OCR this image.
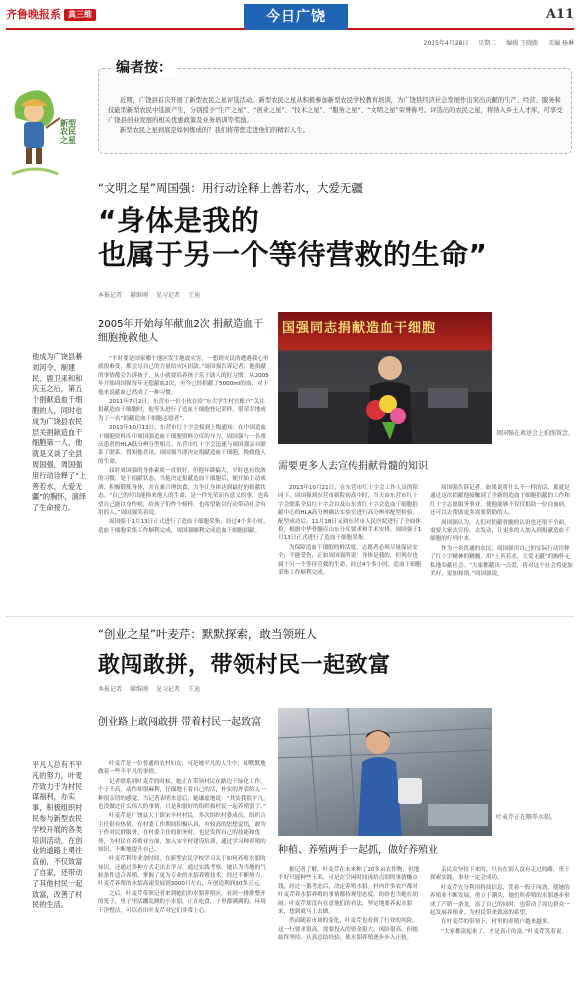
齐鲁晚报系 真三维	今日广饶	A11
2015年4月28日 星期二 编辑 王晓路 美编 杨琳
新型农民之星
编者按：

近期，广饶县首次开展了新型农民之星评选活动。新型农民之星从积极参加新型农民学校教育培训，为广饶县经济社会发展作出突出贡献的生产、经营、服务和技能型新型农民中选拔产生，分别授予“生产之星”、“创业之星”、“技术之星”、“服务之星”、“文明之星”荣誉称号。评选出的农民之星，将纳入乡土人才库，可享受广饶县创业发展的相关优惠政策及业务培训等奖励。

新型农民之星到底是如何炼成的？我们将带您走进他们的精彩人生。

“文明之星”周国强：用行动诠释上善若水，大爱无疆
“身体是我的
也属于另一个等待营救的生命”
本报记者 綦维刚 见习记者 王迪
2005年开始每年献血2次 捐献造血干细胞挽救他人

“平时要是国家哪个地区发生地震灾害，一想到灾民的遭遇我心里就很难受，都会尽自己的力量给灾区捐款。”周国强告诉记者，他捐献的事情都会告诉孩子，从小就要培养孩子乐于助人的好习惯。从2005年开始周国强每年无偿献血2次，至今已经捐献了5000ml的血，对于他来说献血已然成了一种习惯。

2011年7月2日，东营市一位小伙在给“东大学生村官账户”关注捐献造血干细胞时，他等头进行了造血干细胞登记采样，很荣幸地成为了一名“捐献造血干细胞志愿者”。

2013年10月13日，东营市红十字会接到上级通知：在中国造血干细胞资料库中周国强造血干细胞资料分库的导力，周国强与一名重庆患者的HLA低分辨分型相合。东营市红十字会迅速与周国强亲自联系了联系，得知他喜讯，周国强当即决定捐献造血干细胞，挽救他人的生命。

届时周国强的身体素质一直很好，但他年龄偏大，平时也有饮酒的习惯，处于捐献状态，当他决定捐献造血干细胞后，便开始主动戒酒、积极锻炼身体，并在兼合理饮食，力争让身体达到最好的捐献状态。“自己的付出能换来他人的生命，是一件光荣而有意义的事，也希望自己能以身作则，给孩子们作个榜样，也希望能以行动带动社会有用的人。”周国强笑着说。

周国强于1月13日正式进行了造血干细胞采集，经过4个多小时，造血干细胞采集工作顺利完成，周国强顺利完成造血干细胞捐献。

国强同志捐献造血干细胞
周国强在欢送会上拍照留念。
需要更多人去宣传捐献骨髓的知识

2013年10月21日，在东营市红十字会工作人员的陪同下，周国强到东营市新院初高中时，当天由东营市红十字会联系全县红十字会以及山东省红十字会造血干细胞捐献中心的HLA高分辨确认实验室进行高分辨率配型检验，配型成功后，11月18日又到东营市人民医院进行了全面体检，根据中华骨髓库山东分库要求和手术安排，周国强于1月13日正式进行了造血干细胞采集。

为保障造血干细胞的鲜活度，志愿者必须尽量保证安全，不能受伤，正如周国强所说：身体是我的，但现在也属于另一个等待营救的生命，经过4个多小时，造血干细胞采集工作顺利完成。

周国强告诉记者，如果说将什么不一样的话，那就是通过这次捐献他接触到了全新的造血干细胞捐献的工作和红十字志愿服务事业，使他能够不仅仅捐助一位白血病，还可以去帮助更多需要帮助的人。

周国强认为，人们对捐献骨髓的认识也还很不全面，需要大家去宣传，去发动，让更多的人加入到捐献造血干细胞的行列中来。

作为一名普通的农民，周国强用自己的实际行动诠释了红十字精神的精髓，用“上善若水，大爱无疆”的胸怀无私地奉献社会。“大家都献出一点爱，将对这个社会将更加美好，更加和谐。”周国强说。

他成为广饶县綦刘河令、制建民、鹿卫来和和庆玉之后，第五个捐献造血干细胞的人，同时也成为广饶县农民层关捐献造血干细胞第一人，他就是又谈了全县周国强，周国强用行动诠释了“上善若水，大爱无疆”的胸怀，演绎了生命接力。
“创业之星”叶麦芹：默默探索，敢当领班人
敢闯敢拼，带领村民一起致富
本报记者 綦维刚 见习记者 王迪
创业路上敢闯敢拼 带着村民一起致富

叶麦芹是一位普通的农村妇女，可是她平凡的人生中，却默默地做着一些不平凡的事情。

记者联系到叶麦芹的时候，她正在带领村民在路边干绿化工作。个子不高，动作却很麻利，仔细地干着自己的活，朴实的外表给人一种很亲切的感觉。当记者表明来意后，她谦虚地说：“其实我很平凡，也没做过什么伟大的事情，只是和很好的组织和村民一起养殖罢了。”

叶麦芹是广饶县大王镇宋辛村村民，多次组织村委成员，组织合主任很有热情，在村委工作期间积极认真，有较高的思想觉悟，敢为于作对民群服务，在村委主任的职务时，也是发挥自己的技能和优势，为村民在养殖业方面，加入宋辛村建设培训，通过学习种养殖的知识，不断地提升自己。

叶麦芹利用业余时间，在新型农民学校学习关于如何养殖水貂的知识，还通过多种方式走出去学习，通过实践考察，她认为当地的气候条件适合养殖，掌握了更为专业的水貂养殖技术，经过不断努力，叶麦芹养殖的水貂高速发展到3000只左右，年创造利润30多万元。

之后，叶麦芹带领记者来到她们的水貂养殖区，看到一排排整齐的笼子，里子里活蹦乱跳的小水貂，正在吃食，子里都满满的，环境干净整洁，可以看出叶麦芹对它们非常上心。

叶麦芹正在喂养水貂。
种植、养殖两手一起抓，做好养殖业

据记者了解，叶麦芹在未来种了20多亩农作物，但地不好只能种些玉米，可是在空闲时间再给点别的事情赚点钱，经过一番考虑后，决定养殖水貂。村内许多农户都对叶麦芹养水貂养殖的事情都持观望态度，纷纷也当她在胡闹。叶麦芹却没有在意他们的看法，坚定地要养起水貂来，想到就马上去做。

然而随着市场的变化，叶麦芹也看到了行业的风险。这一行要求很高，需要投入的资金很大，风险很高，但她始终坚持，认真总结经验，使水貂养殖逐步步入正轨。

亲民众坚持下来的。只有在别人没有走过的路，勇于探索实践，事业一定会成功。

叶麦芹充分利用科技信息，凭着一股子闯劲，使她的养殖业不断发展。勇立于潮头，她们所养殖的水貂逐步形成了产销一条龙，富了自己的同时，也带动了周边群众一起发展养殖业，为村民带来致富的希望。

在叶麦芹的带领下，村里的养殖户越来越多。

“大家都富起来了，才是真正的富。”叶麦芹笑着说。

平凡人总有不平凡的努力，叶麦芹致力于为村民谋福利，办实事，积极组织村民参与新型农民学校开展的各类培训活动，在创业的道路上勇往直前，不仅致富了自家，还带动了其他村民一起致富，改善了村民的生活。
